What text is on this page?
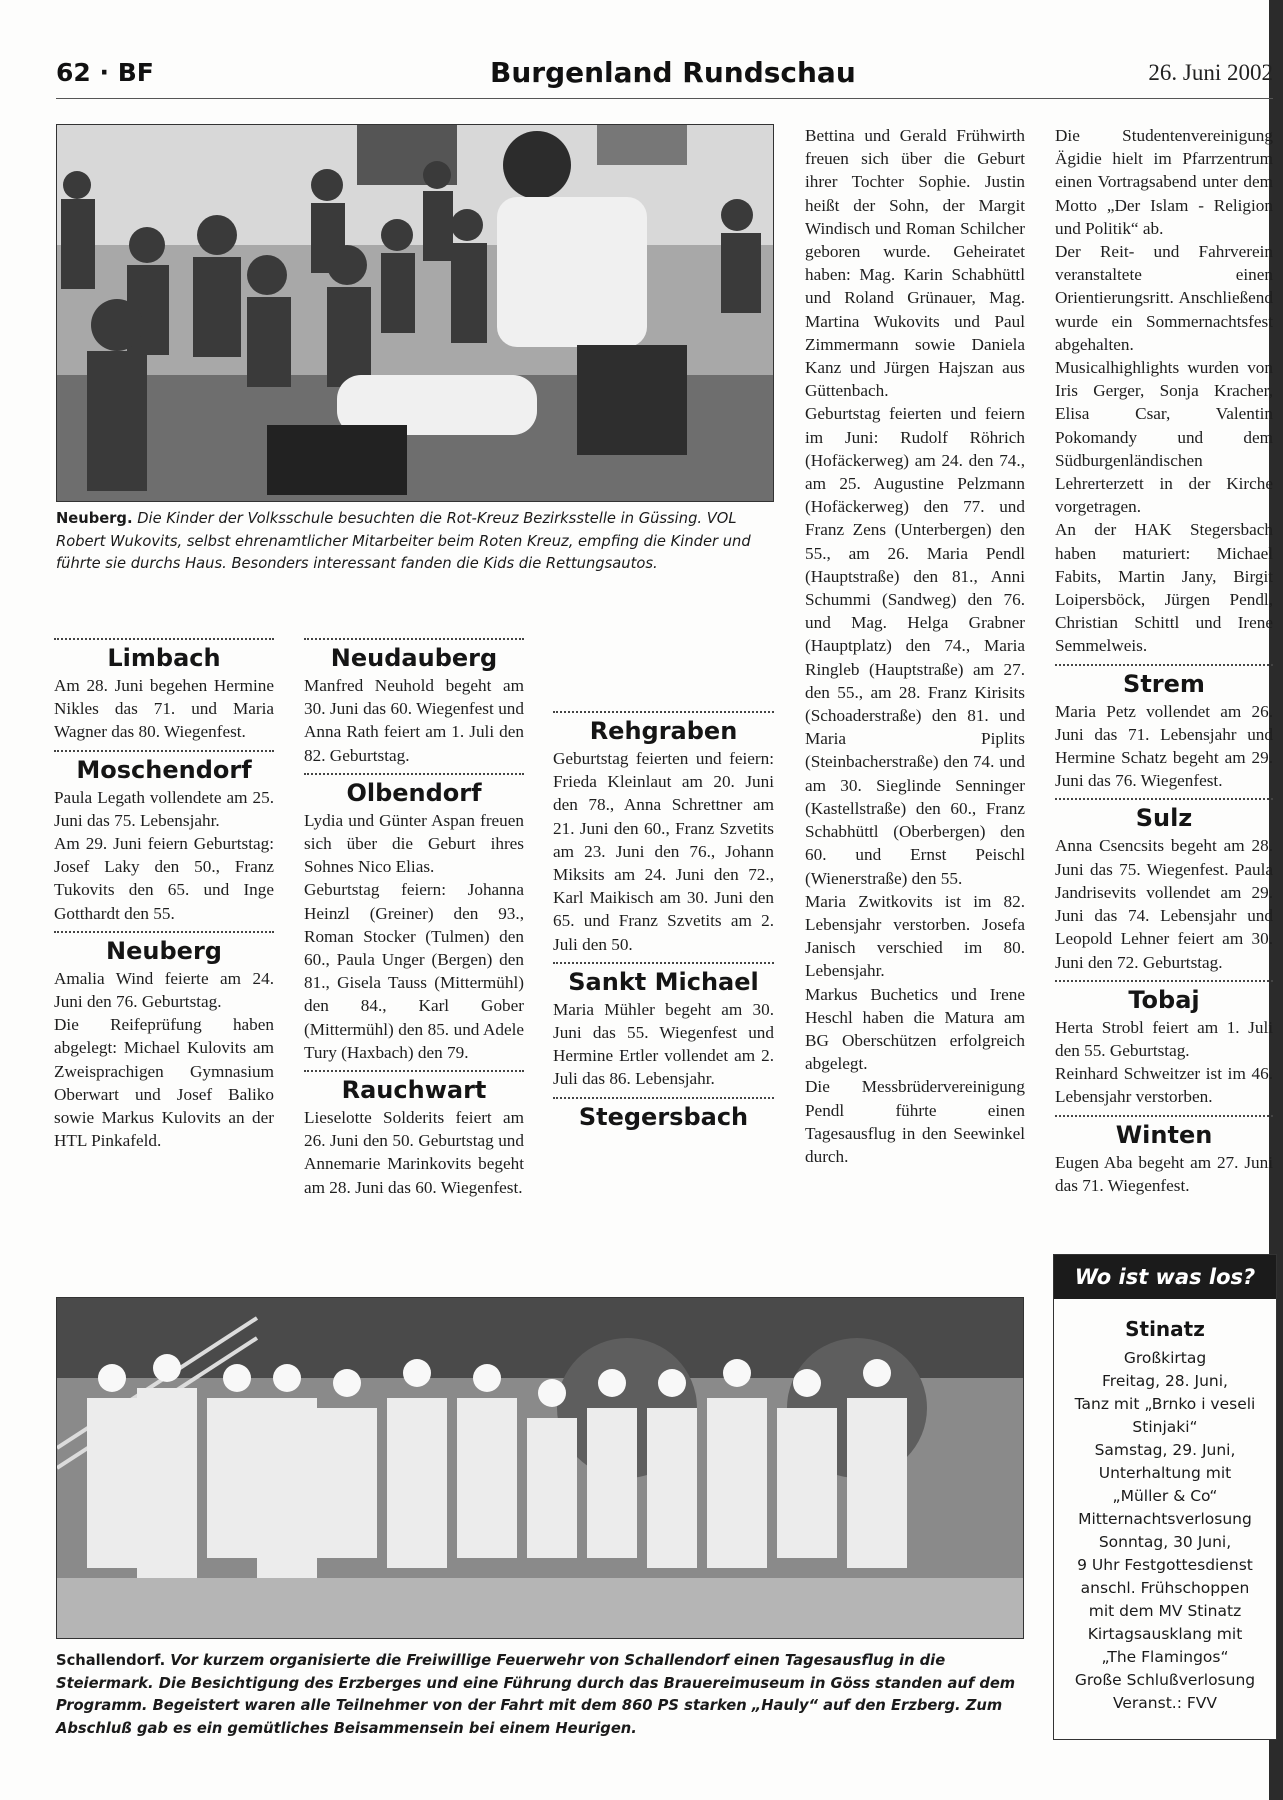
62 · BF	Burgenland Rundschau	26. Juni 2002
Neuberg. Die Kinder der Volksschule besuchten die Rot-Kreuz Bezirksstelle in Güssing. VOL Robert Wukovits, selbst ehrenamtlicher Mitarbeiter beim Roten Kreuz, empfing die Kinder und führte sie durchs Haus. Besonders interessant fanden die Kids die Rettungsautos.
Limbach

Am 28. Juni begehen Hermine Nikles das 71. und Maria Wagner das 80. Wiegenfest.

Moschendorf

Paula Legath vollendete am 25. Juni das 75. Lebensjahr.

Am 29. Juni feiern Geburtstag: Josef Laky den 50., Franz Tukovits den 65. und Inge Gotthardt den 55.

Neuberg

Amalia Wind feierte am 24. Juni den 76. Geburtstag.

Die Reifeprüfung haben abgelegt: Michael Kulovits am Zweisprachigen Gymnasium Oberwart und Josef Baliko sowie Markus Kulovits an der HTL Pinkafeld.

Neudauberg

Manfred Neuhold begeht am 30. Juni das 60. Wiegenfest und Anna Rath feiert am 1. Juli den 82. Geburtstag.

Olbendorf

Lydia und Günter Aspan freuen sich über die Geburt ihres Sohnes Nico Elias.

Geburtstag feiern: Johanna Heinzl (Greiner) den 93., Roman Stocker (Tulmen) den 60., Paula Unger (Bergen) den 81., Gisela Tauss (Mittermühl) den 84., Karl Gober (Mittermühl) den 85. und Adele Tury (Haxbach) den 79.

Rauchwart

Lieselotte Solderits feiert am 26. Juni den 50. Geburtstag und Annemarie Marinkovits begeht am 28. Juni das 60. Wiegenfest.

Rehgraben

Geburtstag feierten und feiern: Frieda Kleinlaut am 20. Juni den 78., Anna Schrettner am 21. Juni den 60., Franz Szvetits am 23. Juni den 76., Johann Miksits am 24. Juni den 72., Karl Maikisch am 30. Juni den 65. und Franz Szvetits am 2. Juli den 50.

Sankt Michael

Maria Mühler begeht am 30. Juni das 55. Wiegenfest und Hermine Ertler vollendet am 2. Juli das 86. Lebensjahr.

Stegersbach

Bettina und Gerald Frühwirth freuen sich über die Geburt ihrer Tochter Sophie. Justin heißt der Sohn, der Margit Windisch und Roman Schilcher geboren wurde. Geheiratet haben: Mag. Karin Schabhüttl und Roland Grünauer, Mag. Martina Wukovits und Paul Zimmermann sowie Daniela Kanz und Jürgen Hajszan aus Güttenbach.

Geburtstag feierten und feiern im Juni: Rudolf Röhrich (Hofäckerweg) am 24. den 74., am 25. Augustine Pelzmann (Hofäckerweg) den 77. und Franz Zens (Unterbergen) den 55., am 26. Maria Pendl (Hauptstraße) den 81., Anni Schummi (Sandweg) den 76. und Mag. Helga Grabner (Hauptplatz) den 74., Maria Ringleb (Hauptstraße) am 27. den 55., am 28. Franz Kirisits (Schoaderstraße) den 81. und Maria Piplits (Steinbacherstraße) den 74. und am 30. Sieglinde Senninger (Kastellstraße) den 60., Franz Schabhüttl (Oberbergen) den 60. und Ernst Peischl (Wienerstraße) den 55.

Maria Zwitkovits ist im 82. Lebensjahr verstorben. Josefa Janisch verschied im 80. Lebensjahr.

Markus Buchetics und Irene Heschl haben die Matura am BG Oberschützen erfolgreich abgelegt.

Die Messbrüdervereinigung Pendl führte einen Tagesausflug in den Seewinkel durch.

Die Studentenvereinigung Ägidie hielt im Pfarrzentrum einen Vortragsabend unter dem Motto „Der Islam - Religion und Politik“ ab.

Der Reit- und Fahrverein veranstaltete einen Orientierungsritt. Anschließend wurde ein Sommernachtsfest abgehalten.

Musicalhighlights wurden von Iris Gerger, Sonja Kracher, Elisa Csar, Valentin Pokomandy und dem Südburgenländischen Lehrerterzett in der Kirche vorgetragen.

An der HAK Stegersbach haben maturiert: Michael Fabits, Martin Jany, Birgit Loipersböck, Jürgen Pendl, Christian Schittl und Irene Semmelweis.

Strem

Maria Petz vollendet am 26. Juni das 71. Lebensjahr und Hermine Schatz begeht am 29. Juni das 76. Wiegenfest.

Sulz

Anna Csencsits begeht am 28. Juni das 75. Wiegenfest. Paula Jandrisevits vollendet am 29. Juni das 74. Lebensjahr und Leopold Lehner feiert am 30. Juni den 72. Geburtstag.

Tobaj

Herta Strobl feiert am 1. Juli den 55. Geburtstag.

Reinhard Schweitzer ist im 46. Lebensjahr verstorben.

Winten

Eugen Aba begeht am 27. Juni das 71. Wiegenfest.

Schallendorf. Vor kurzem organisierte die Freiwillige Feuerwehr von Schallendorf einen Tagesausflug in die Steiermark. Die Besichtigung des Erzberges und eine Führung durch das Brauereimuseum in Göss standen auf dem Programm. Begeistert waren alle Teilnehmer von der Fahrt mit dem 860 PS starken „Hauly“ auf den Erzberg. Zum Abschluß gab es ein gemütliches Beisammensein bei einem Heurigen.
Wo ist was los?
Stinatz
Großkirtag
Freitag, 28. Juni,
Tanz mit „Brnko i veseli Stinjaki“
Samstag, 29. Juni,
Unterhaltung mit
„Müller & Co“
Mitternachtsverlosung
Sonntag, 30 Juni,
9 Uhr Festgottesdienst
anschl. Frühschoppen
mit dem MV Stinatz
Kirtagsausklang mit
„The Flamingos“
Große Schlußverlosung
Veranst.: FVV
